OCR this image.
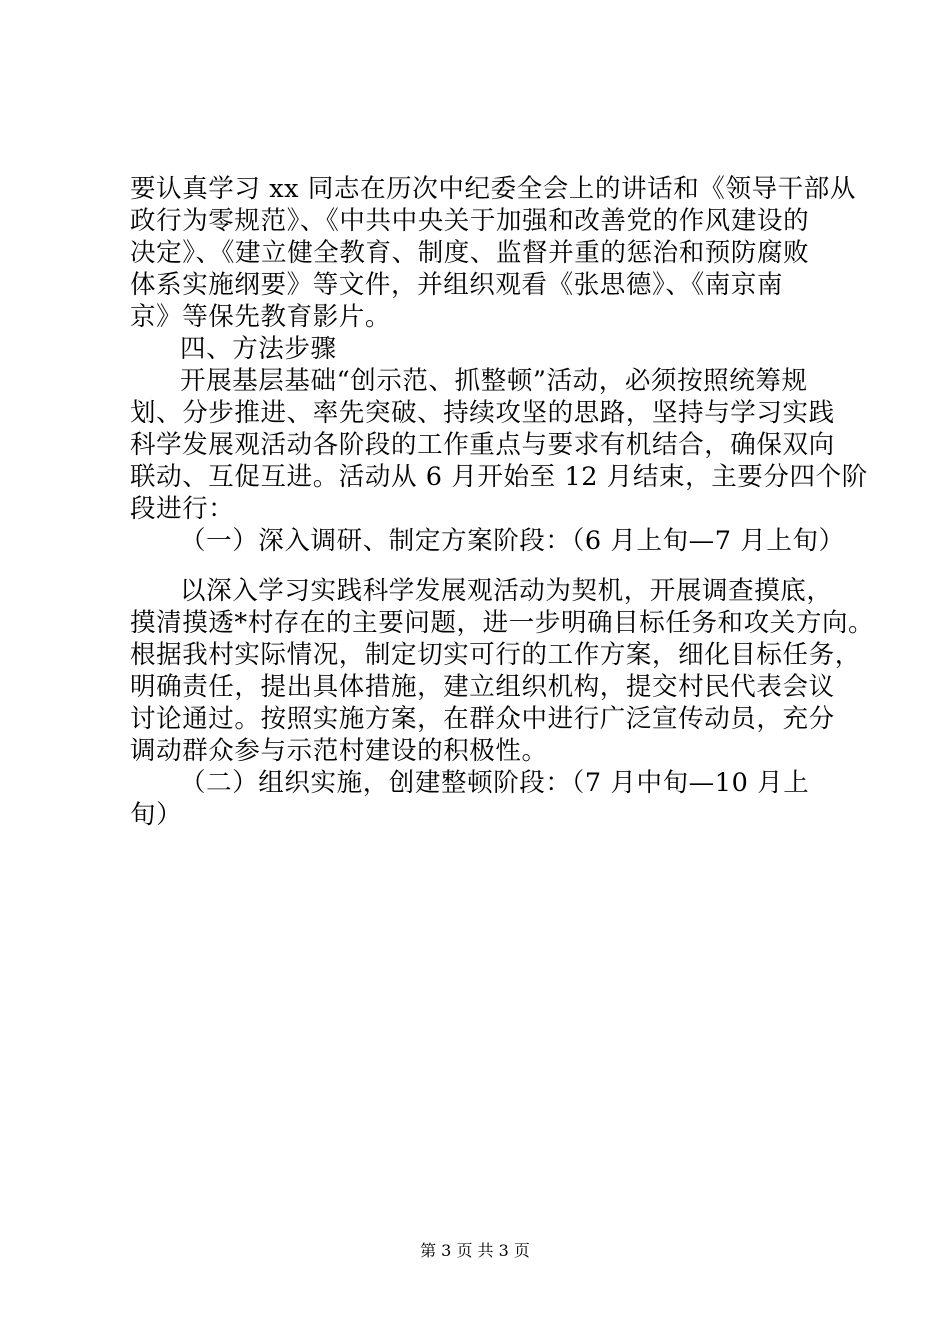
要认真学习 xx 同志在历次中纪委全会上的讲话和《领导干部从
政行为零规范》、《中共中央关于加强和改善党的作风建设的
决定》、《建立健全教育、制度、监督并重的惩治和预防腐败
体系实施纲要》等文件，并组织观看《张思德》、《南京南
京》等保先教育影片。
四、方法步骤
开展基层基础“创示范、抓整顿”活动，必须按照统筹规
划、分步推进、率先突破、持续攻坚的思路，坚持与学习实践
科学发展观活动各阶段的工作重点与要求有机结合，确保双向
联动、互促互进。活动从 6 月开始至 12 月结束，主要分四个阶
段进行：
（一）深入调研、制定方案阶段：（6 月上旬—7 月上旬）
以深入学习实践科学发展观活动为契机，开展调查摸底，
摸清摸透*村存在的主要问题，进一步明确目标任务和攻关方向。
根据我村实际情况，制定切实可行的工作方案，细化目标任务，
明确责任，提出具体措施，建立组织机构，提交村民代表会议
讨论通过。按照实施方案，在群众中进行广泛宣传动员，充分
调动群众参与示范村建设的积极性。
（二）组织实施，创建整顿阶段：（7 月中旬—10 月上
旬）
第 3 页 共 3 页
